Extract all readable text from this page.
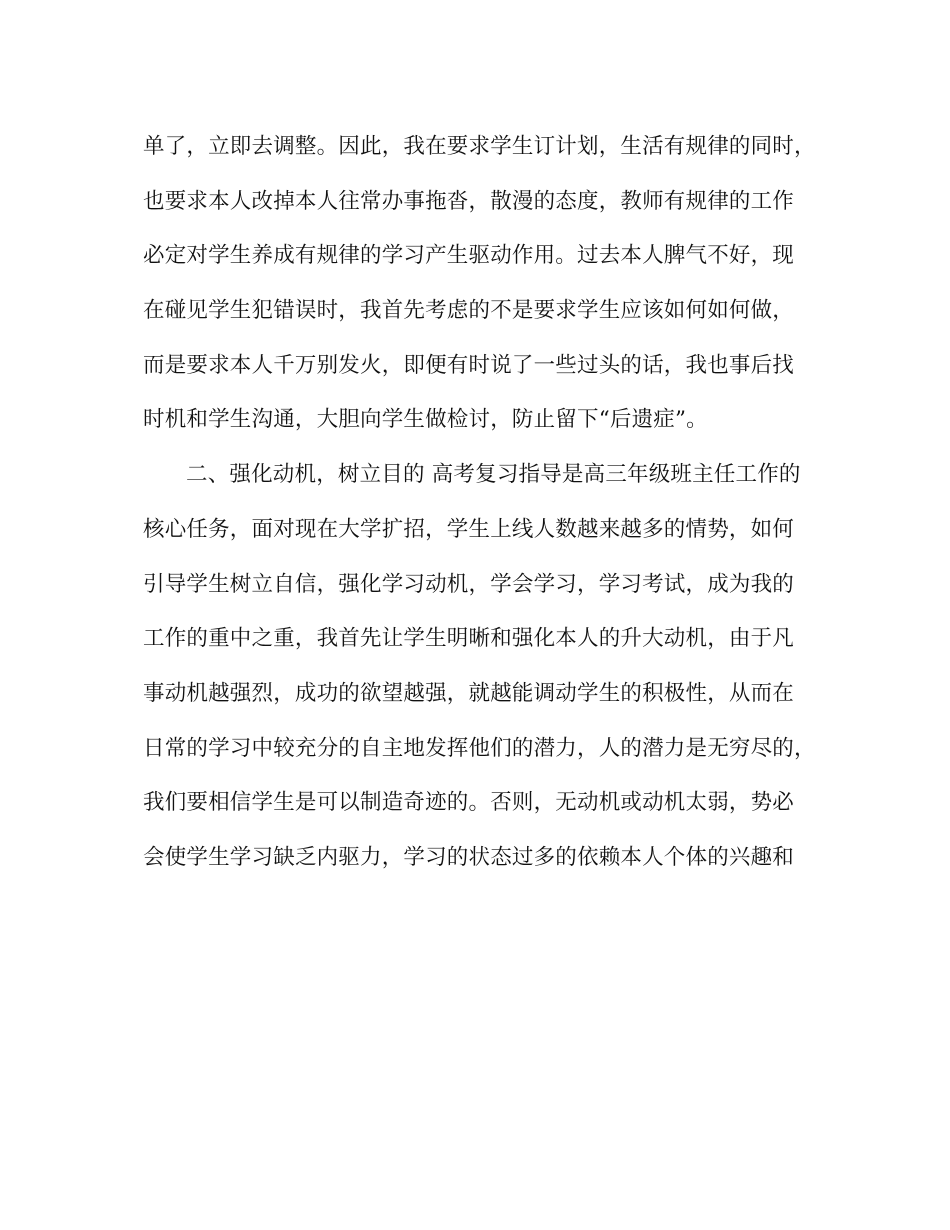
单了，立即去调整。因此，我在要求学生订计划，生活有规律的同时，
也要求本人改掉本人往常办事拖沓，散漫的态度，教师有规律的工作
必定对学生养成有规律的学习产生驱动作用。过去本人脾气不好，现
在碰见学生犯错误时，我首先考虑的不是要求学生应该如何如何做，
而是要求本人千万别发火，即便有时说了一些过头的话，我也事后找
时机和学生沟通，大胆向学生做检讨，防止留下“后遗症”。
二、强化动机，树立目的 高考复习指导是高三年级班主任工作的
核心任务，面对现在大学扩招，学生上线人数越来越多的情势，如何
引导学生树立自信，强化学习动机，学会学习，学习考试，成为我的
工作的重中之重，我首先让学生明晰和强化本人的升大动机，由于凡
事动机越强烈，成功的欲望越强，就越能调动学生的积极性，从而在
日常的学习中较充分的自主地发挥他们的潜力，人的潜力是无穷尽的，
我们要相信学生是可以制造奇迹的。否则，无动机或动机太弱，势必
会使学生学习缺乏内驱力，学习的状态过多的依赖本人个体的兴趣和
